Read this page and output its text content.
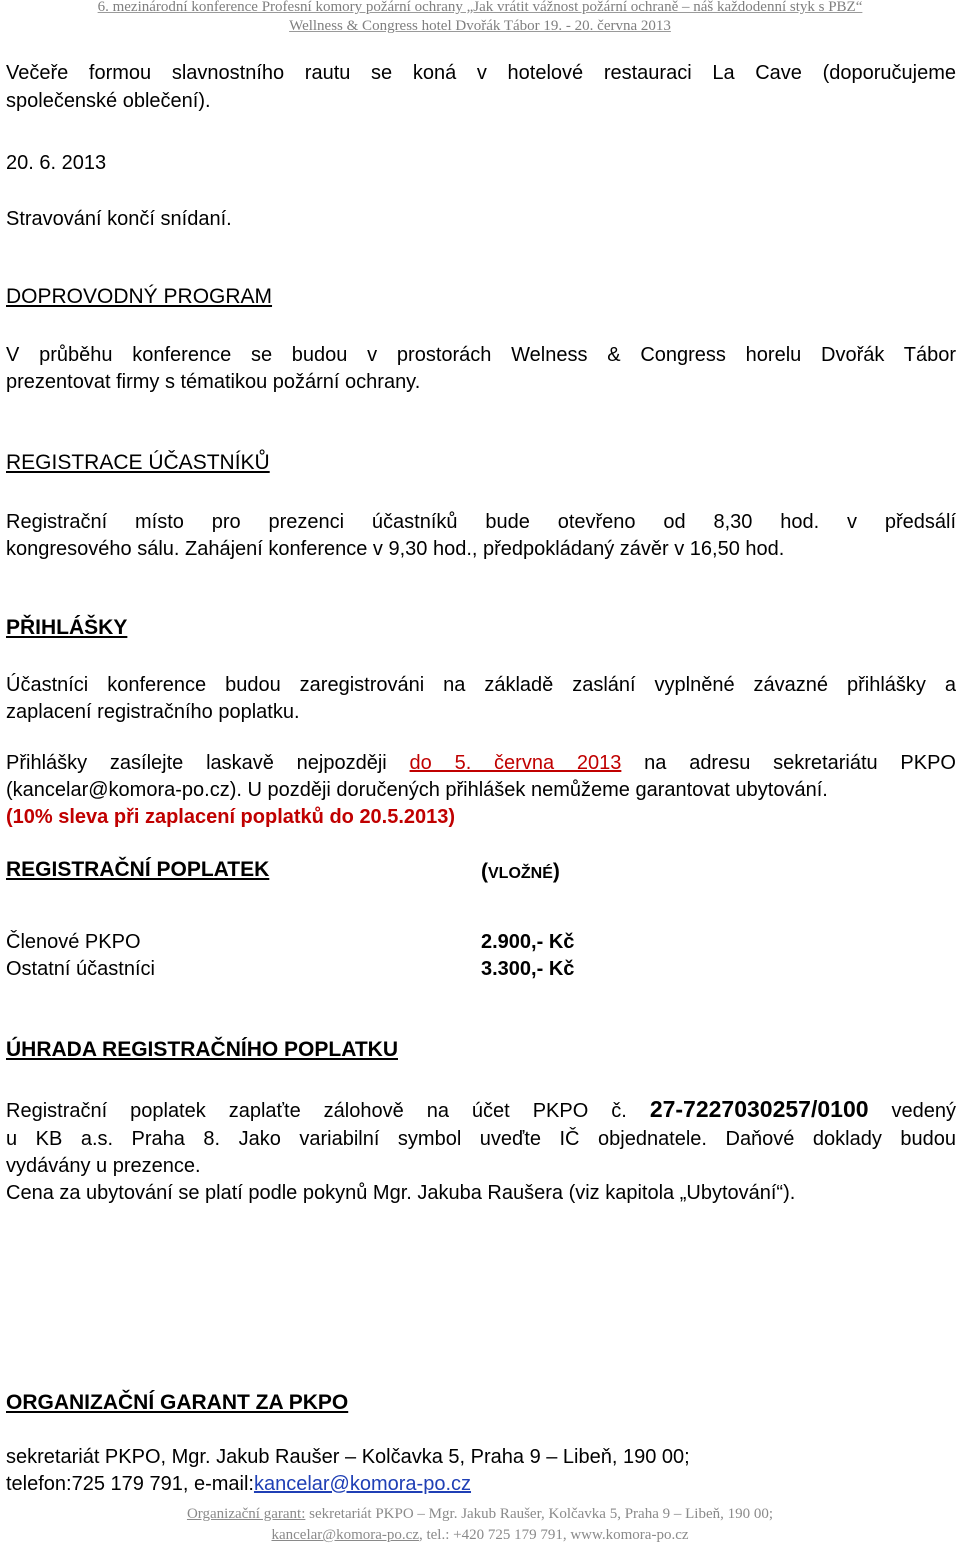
6. mezinárodní konference Profesní komory požární ochrany „Jak vrátit vážnost požární ochraně – náš každodenní styk s PBZ“
Wellness & Congress hotel Dvořák Tábor 19. - 20. června 2013
Večeře formou slavnostního rautu se koná v hotelové restauraci La Cave (doporučujeme
společenské oblečení).
20. 6. 2013
Stravování končí snídaní.
DOPROVODNÝ PROGRAM
V průběhu konference se budou v prostorách Welness & Congress horelu Dvořák Tábor
prezentovat firmy s tématikou požární ochrany.
REGISTRACE ÚČASTNÍKŮ
Registrační místo pro prezenci účastníků bude otevřeno od 8,30 hod. v předsálí
kongresového sálu. Zahájení konference v 9,30 hod., předpokládaný závěr v 16,50 hod.
PŘIHLÁŠKY
Účastníci konference budou zaregistrováni na základě zaslání vyplněné závazné přihlášky a
zaplacení registračního poplatku.
Přihlášky zasílejte laskavě nejpozději do 5. června 2013 na adresu sekretariátu PKPO
(kancelar@komora-po.cz). U později doručených přihlášek nemůžeme garantovat ubytování.
(10% sleva při zaplacení poplatků do 20.5.2013)
REGISTRAČNÍ POPLATEK	(VLOŽNÉ)
Členové PKPO	2.900,- Kč
Ostatní účastníci	3.300,- Kč
ÚHRADA REGISTRAČNÍHO POPLATKU
Registrační poplatek zaplaťte zálohově na účet PKPO č. 27-7227030257/0100 vedený
u KB a.s. Praha 8. Jako variabilní symbol uveďte IČ objednatele. Daňové doklady budou
vydávány u prezence.
Cena za ubytování se platí podle pokynů Mgr. Jakuba Raušera (viz kapitola „Ubytování“).
ORGANIZAČNÍ GARANT ZA PKPO
sekretariát PKPO, Mgr. Jakub Raušer – Kolčavka 5, Praha 9 – Libeň, 190 00;
telefon:725 179 791, e-mail:kancelar@komora-po.cz
Organizační garant: sekretariát PKPO – Mgr. Jakub Raušer, Kolčavka 5, Praha 9 – Libeň, 190 00;
kancelar@komora-po.cz, tel.: +420 725 179 791, www.komora-po.cz
